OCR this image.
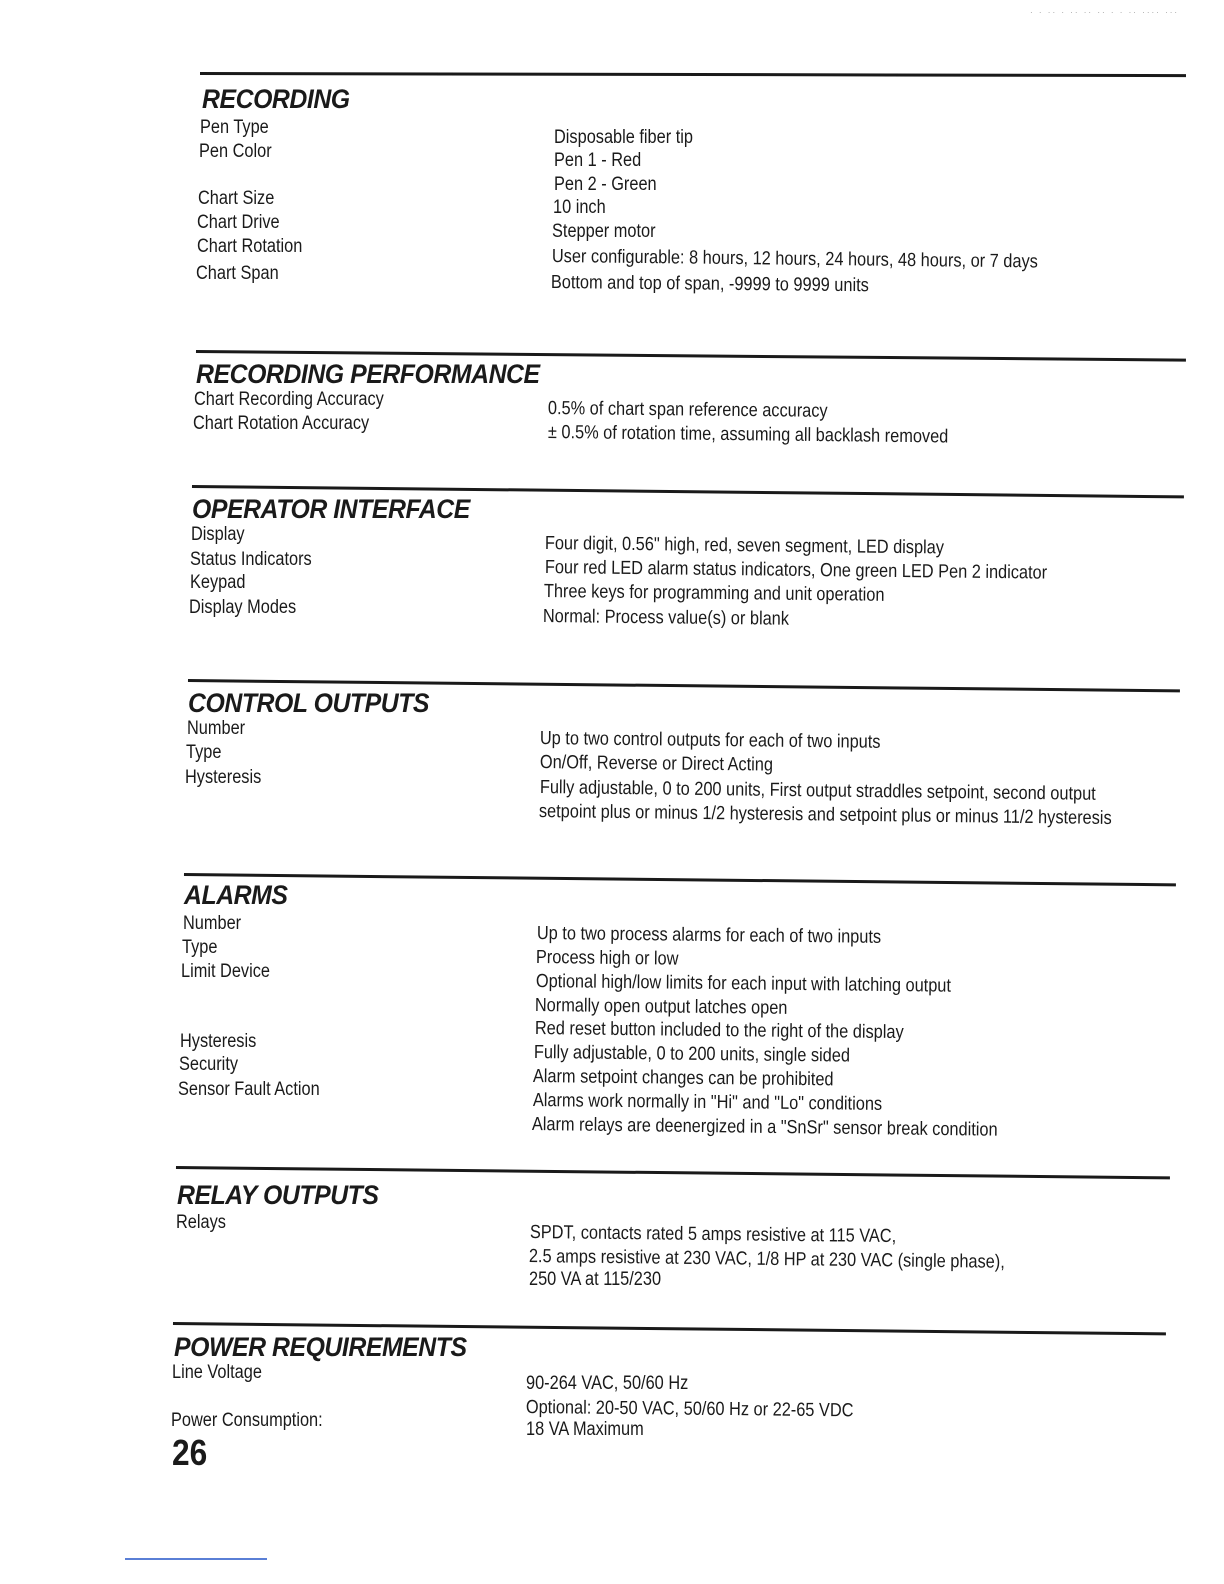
· · ·· · ·· ·· ·· · · ·· ···· ···
RECORDING
Pen Type
Pen Color
Chart Size
Chart Drive
Chart Rotation
Chart Span
Disposable fiber tip
Pen 1 - Red
Pen 2 - Green
10 inch
Stepper motor
User configurable: 8 hours, 12 hours, 24 hours, 48 hours, or 7 days
Bottom and top of span, -9999 to 9999 units
RECORDING PERFORMANCE
Chart Recording Accuracy
Chart Rotation Accuracy
0.5% of chart span reference accuracy
± 0.5% of rotation time, assuming all backlash removed
OPERATOR INTERFACE
Display
Status Indicators
Keypad
Display Modes
Four digit, 0.56" high, red, seven segment, LED display
Four red LED alarm status indicators, One green LED Pen 2 indicator
Three keys for programming and unit operation
Normal: Process value(s) or blank
CONTROL OUTPUTS
Number
Type
Hysteresis
Up to two control outputs for each of two inputs
On/Off, Reverse or Direct Acting
Fully adjustable, 0 to 200 units, First output straddles setpoint, second output
setpoint plus or minus 1/2 hysteresis and setpoint plus or minus 11/2 hysteresis
ALARMS
Number
Type
Limit Device
Hysteresis
Security
Sensor Fault Action
Up to two process alarms for each of two inputs
Process high or low
Optional high/low limits for each input with latching output
Normally open output latches open
Red reset button included to the right of the display
Fully adjustable, 0 to 200 units, single sided
Alarm setpoint changes can be prohibited
Alarms work normally in "Hi" and "Lo" conditions
Alarm relays are deenergized in a "SnSr" sensor break condition
RELAY OUTPUTS
Relays	SPDT, contacts rated 5 amps resistive at 115 VAC,
2.5 amps resistive at 230 VAC, 1/8 HP at 230 VAC (single phase),
250 VA at 115/230
POWER REQUIREMENTS
Line Voltage
Power Consumption:
90-264 VAC, 50/60 Hz
Optional: 20-50 VAC, 50/60 Hz or 22-65 VDC
18 VA Maximum
26
